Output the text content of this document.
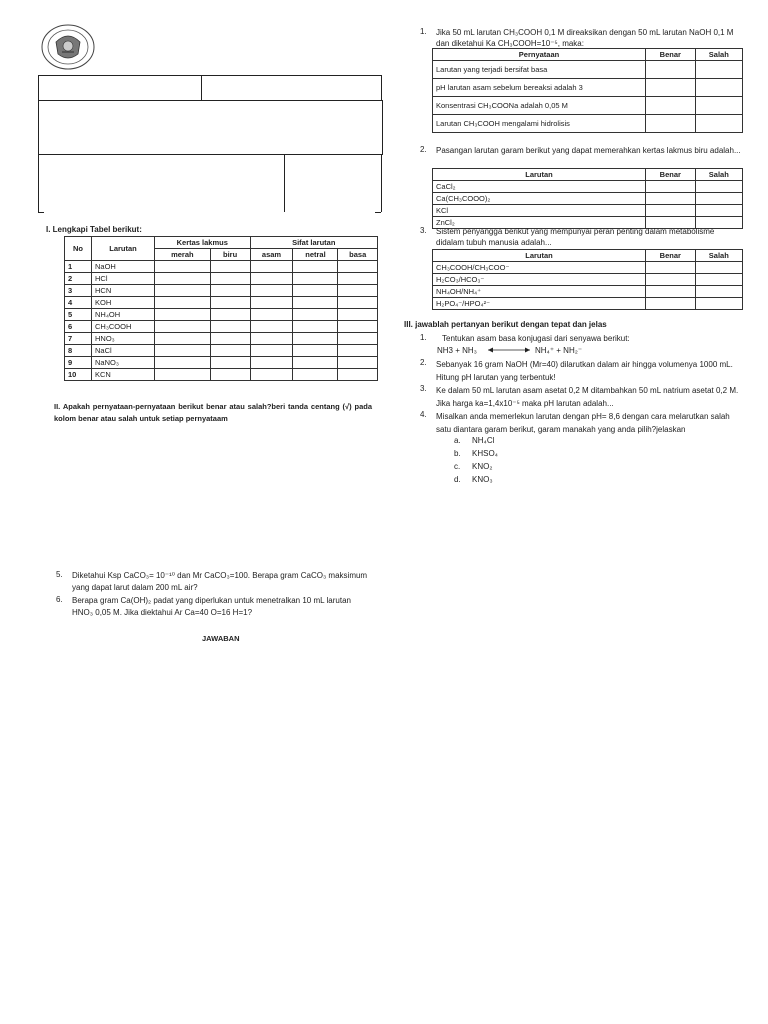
I. Lengkapi Tabel berikut:
No	Larutan	Kertas lakmus		Sifat larutan		
		merah	biru	asam	netral	basa
1	NaOH					
2	HCl					
3	HCN					
4	KOH					
5	NH₄OH					
6	CH₃COOH					
7	HNO₃					
8	NaCl					
9	NaNO₃					
10	KCN					
II. Apakah pernyataan-pernyataan berikut benar atau salah?beri tanda centang (√) pada kolom benar atau salah untuk setiap pernyataam
1. Jika 50 mL larutan CH₃COOH 0,1 M direaksikan dengan 50 mL larutan NaOH 0,1 M dan diketahui Ka CH₃COOH=10⁻⁵, maka:
Pernyataan	Benar	Salah
Larutan yang terjadi bersifat basa		
pH larutan asam sebelum bereaksi adalah 3		
Konsentrasi CH₃COONa adalah 0,05 M		
Larutan CH₃COOH mengalami hidrolisis		
2. Pasangan larutan garam berikut yang dapat memerahkan kertas lakmus biru adalah...
Larutan	Benar	Salah
CaCl₂		
Ca(CH₃COOO)₂		
KCl		
ZnCl₂		
3. Sistem penyangga berikut yang mempunyai peran penting dalam metabolisme didalam tubuh manusia adalah...
Larutan	Benar	Salah
CH₃COOH/CH₃COO⁻		
H₂CO₃/HCO₃⁻		
NH₄OH/NH₄⁺		
H₂PO₄⁻/HPO₄²⁻		
III. jawablah pertanyan berikut dengan tepat dan jelas
1. Tentukan asam basa konjugasi dari senyawa berikut:
NH3 + NH₃	NH₄⁺ + NH₂⁻
2. Sebanyak 16 gram NaOH (Mr=40) dilarutkan dalam air hingga volumenya 1000 mL. Hitung pH larutan yang terbentuk!
3. Ke dalam 50 mL larutan asam asetat 0,2 M ditambahkan 50 mL natrium asetat 0,2 M. Jika harga ka=1,4x10⁻⁵ maka pH larutan adalah...
4. Misalkan anda memerlekun larutan dengan pH= 8,6 dengan cara melarutkan salah satu diantara garam berikut, garam manakah yang anda pilih?jelaskan
a. NH₄Cl
b. KHSO₄
c. KNO₂
d. KNO₃
5. Diketahui Ksp CaCO₃= 10⁻¹⁰ dan Mr CaCO₃=100. Berapa gram CaCO₃ maksimum yang dapat larut dalam 200 mL air?
6. Berapa gram Ca(OH)₂ padat yang diperlukan untuk menetralkan 10 mL larutan HNO₃ 0,05 M. Jika diektahui Ar Ca=40 O=16 H=1?
JAWABAN
